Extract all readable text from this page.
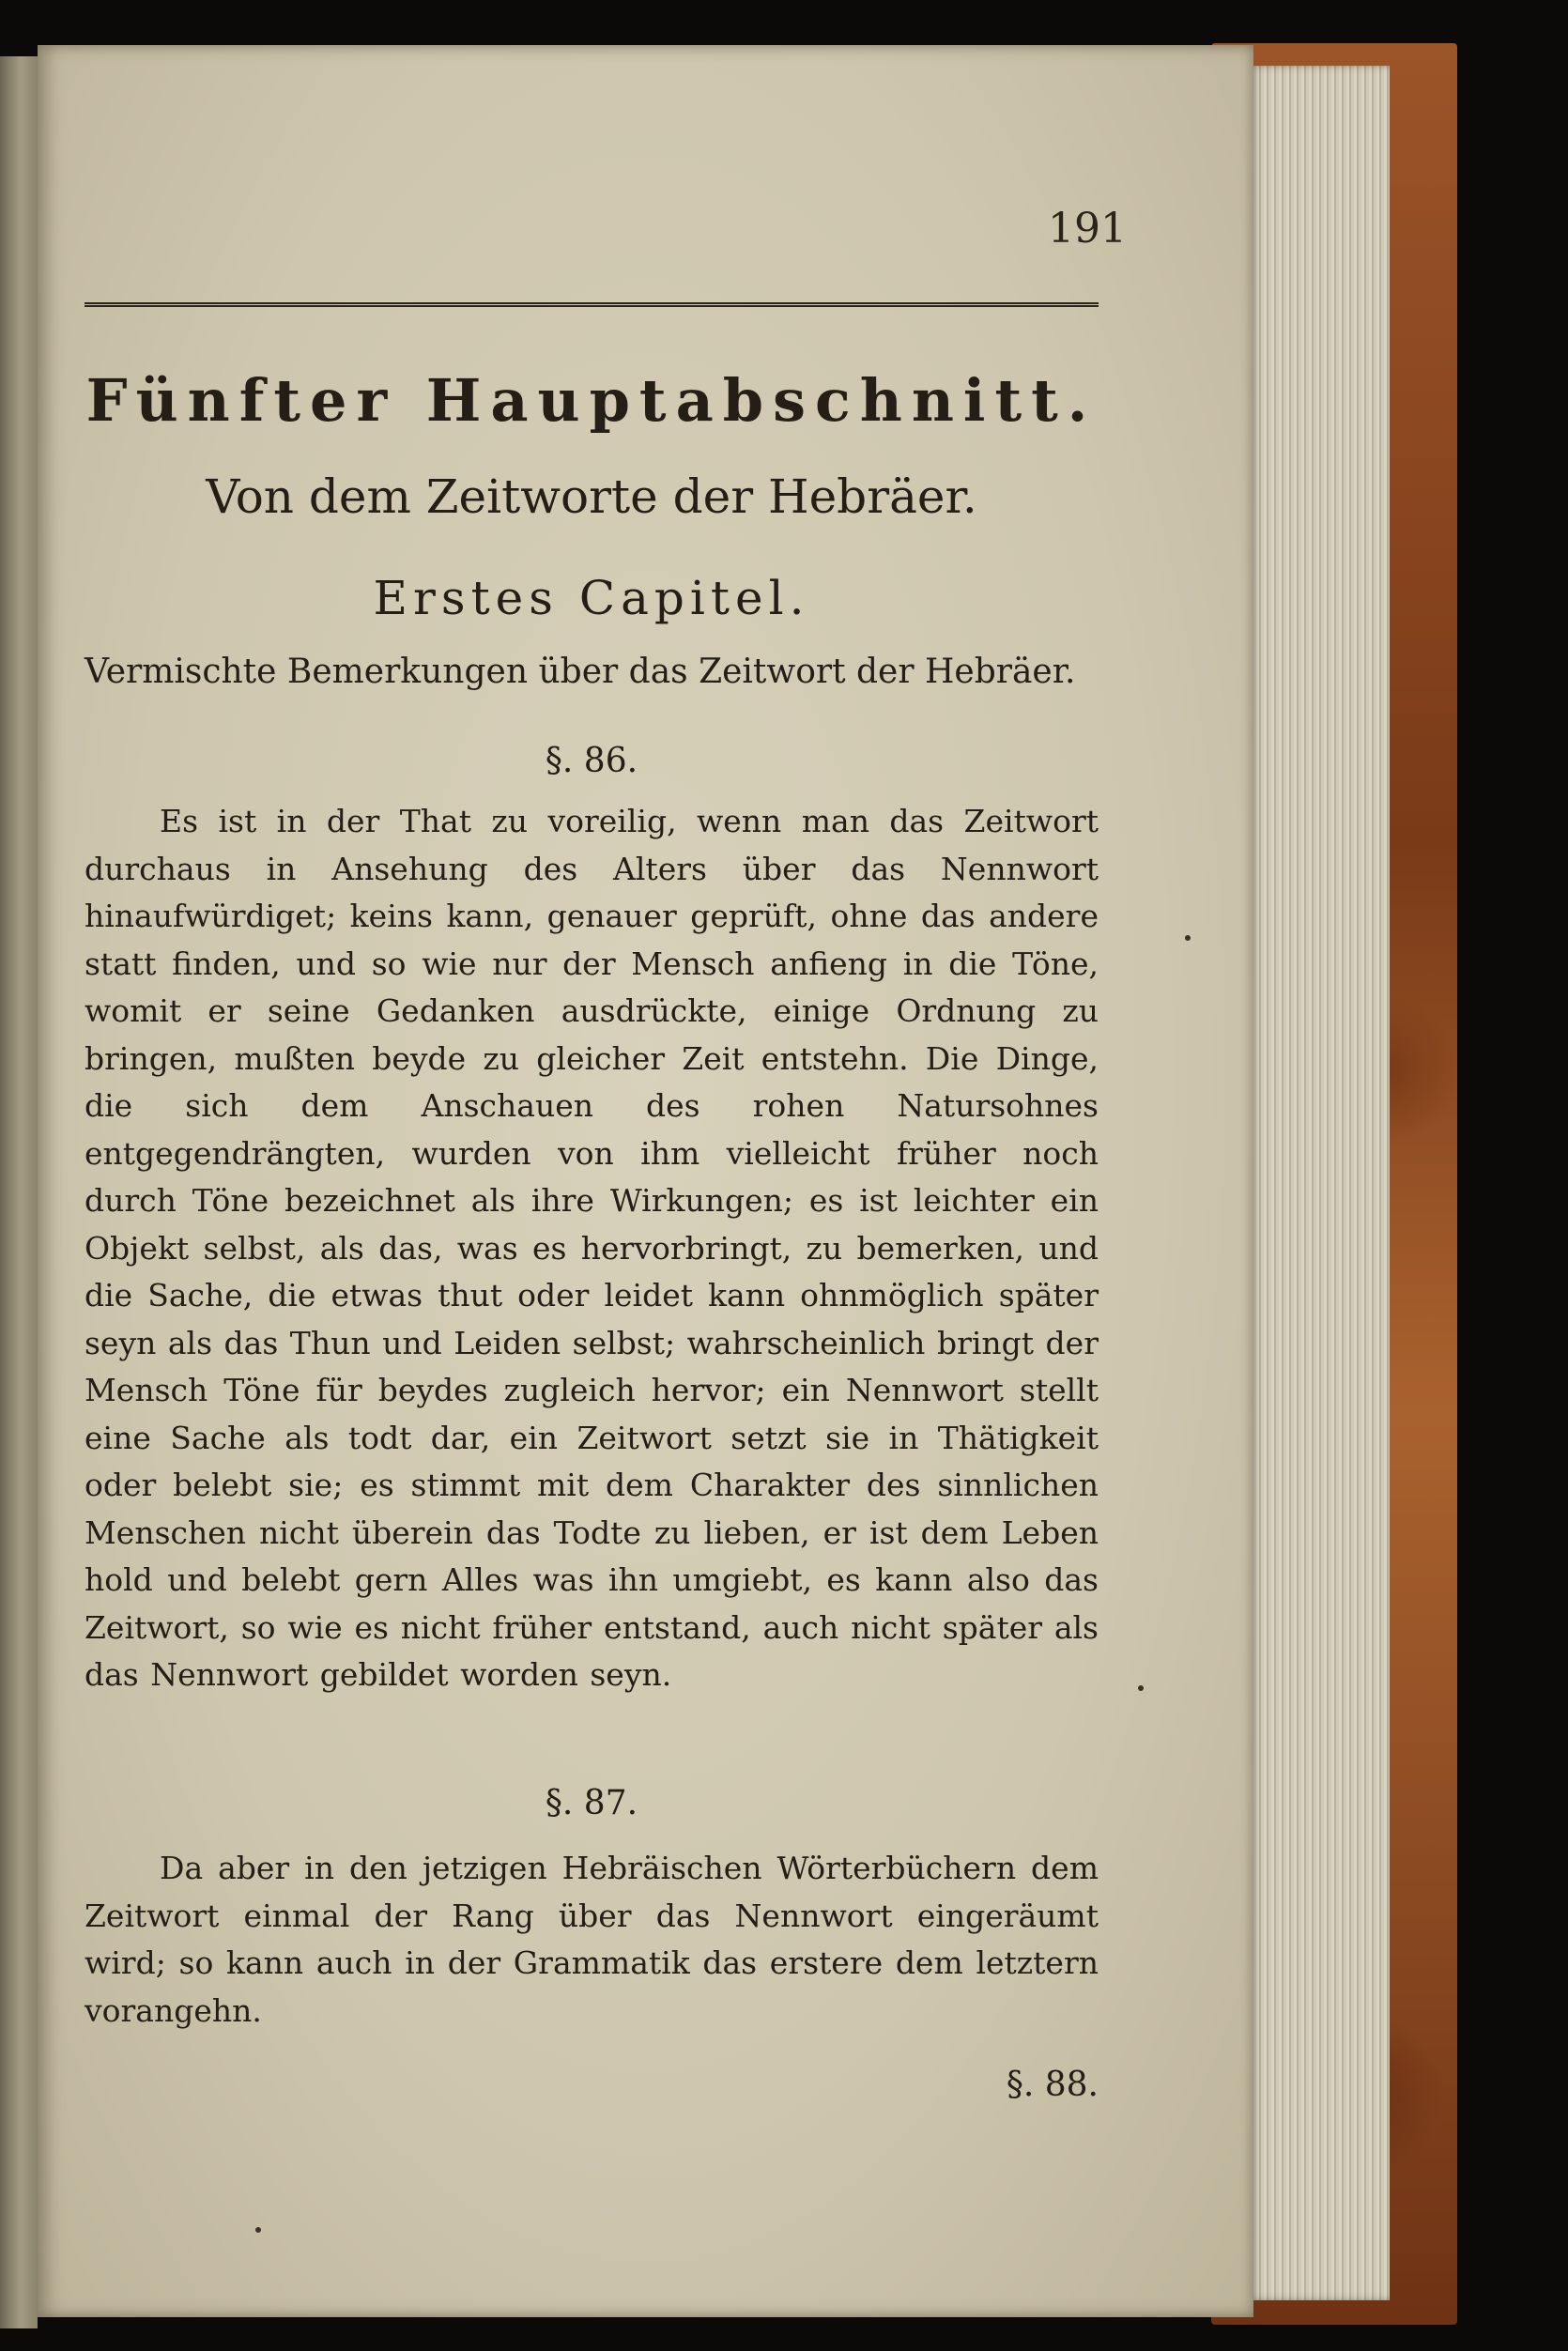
191
Fünfter Hauptabschnitt.
Von dem Zeitworte der Hebräer.
Erstes Capitel.
Vermischte Bemerkungen über das Zeitwort der Hebräer.
§. 86.
Es ist in der That zu voreilig, wenn man das Zeitwort durchaus in Ansehung des Alters über das Nennwort hinaufwürdiget; keins kann, genauer geprüft, ohne das andere statt finden, und so wie nur der Mensch anfieng in die Töne, womit er seine Gedanken ausdrückte, einige Ordnung zu bringen, mußten beyde zu gleicher Zeit entstehn. Die Dinge, die sich dem Anschauen des rohen Natursohnes entgegendrängten, wurden von ihm vielleicht früher noch durch Töne bezeichnet als ihre Wirkungen; es ist leichter ein Objekt selbst, als das, was es hervorbringt, zu bemerken, und die Sache, die etwas thut oder leidet kann ohnmöglich später seyn als das Thun und Leiden selbst; wahrscheinlich bringt der Mensch Töne für beydes zugleich hervor; ein Nennwort stellt eine Sache als todt dar, ein Zeitwort setzt sie in Thätigkeit oder belebt sie; es stimmt mit dem Charakter des sinnlichen Menschen nicht überein das Todte zu lieben, er ist dem Leben hold und belebt gern Alles was ihn umgiebt, es kann also das Zeitwort, so wie es nicht früher entstand, auch nicht später als das Nennwort gebildet worden seyn.
§. 87.
Da aber in den jetzigen Hebräischen Wörterbüchern dem Zeitwort einmal der Rang über das Nennwort eingeräumt wird; so kann auch in der Grammatik das erstere dem letztern vorangehn.
§. 88.
